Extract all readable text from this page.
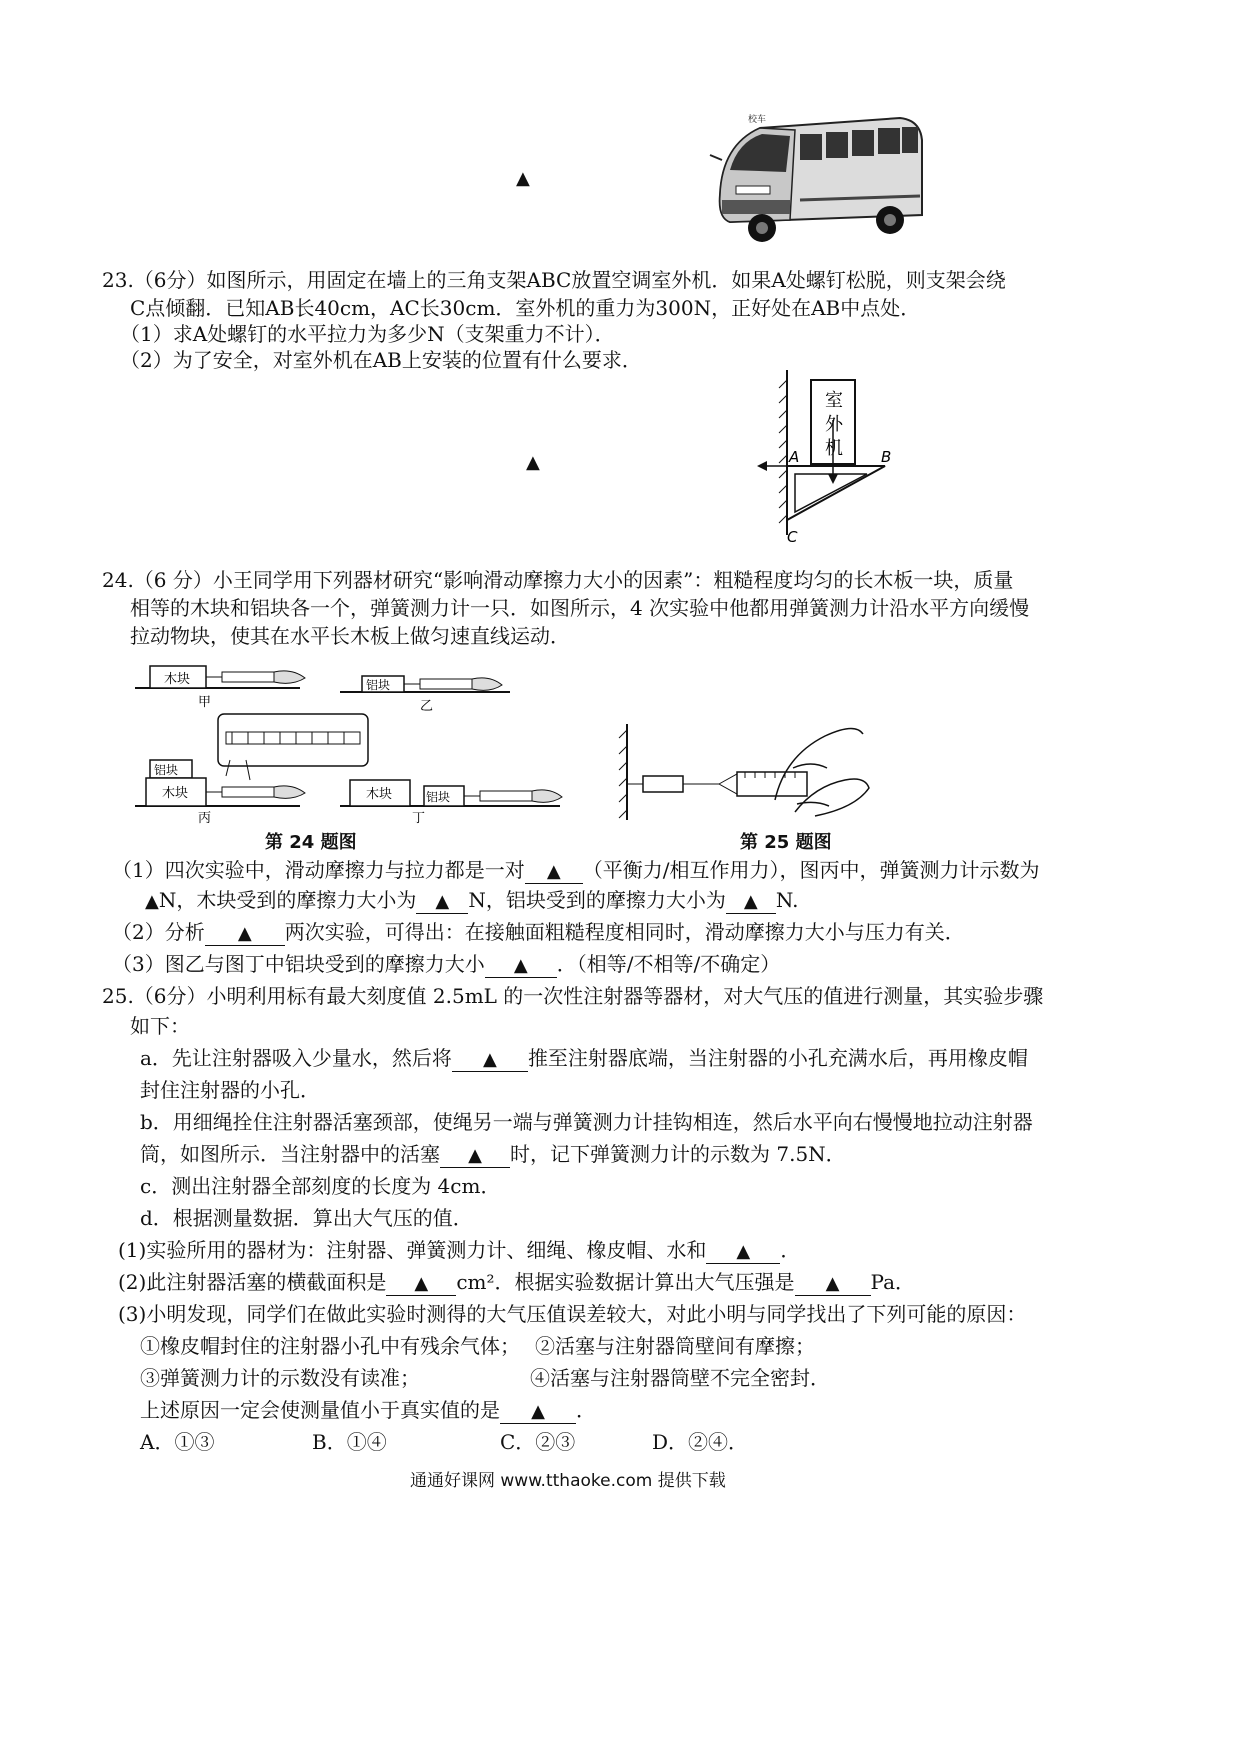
▲
校车
23.（6分）如图所示，用固定在墙上的三角支架ABC放置空调室外机．如果A处螺钉松脱，则支架会绕
C点倾翻．已知AB长40cm，AC长30cm．室外机的重力为300N，正好处在AB中点处．
（1）求A处螺钉的水平拉力为多少N（支架重力不计）．
（2）为了安全，对室外机在AB上安装的位置有什么要求．
▲
室
外
机
A	B
C
24.（6 分）小王同学用下列器材研究“影响滑动摩擦力大小的因素”：粗糙程度均匀的长木板一块，质量
相等的木块和铝块各一个，弹簧测力计一只．如图所示，4 次实验中他都用弹簧测力计沿水平方向缓慢
拉动物块，使其在水平长木板上做匀速直线运动．
木块
甲
铝块
乙
铝块
木块
丙
木块	铝块
丁
第 24 题图	第 25 题图
（1）四次实验中，滑动摩擦力与拉力都是一对 ▲ （平衡力/相互作用力），图丙中，弹簧测力计示数为
▲N，木块受到的摩擦力大小为 ▲ N，铝块受到的摩擦力大小为 ▲ N.
（2）分析 ▲ 两次实验，可得出：在接触面粗糙程度相同时，滑动摩擦力大小与压力有关．
（3）图乙与图丁中铝块受到的摩擦力大小 ▲ ．（相等/不相等/不确定）
25.（6分）小明利用标有最大刻度值 2.5mL 的一次性注射器等器材，对大气压的值进行测量，其实验步骤
如下：
a．先让注射器吸入少量水，然后将 ▲ 推至注射器底端，当注射器的小孔充满水后，再用橡皮帽
封住注射器的小孔．
b．用细绳拴住注射器活塞颈部，使绳另一端与弹簧测力计挂钩相连，然后水平向右慢慢地拉动注射器
筒，如图所示．当注射器中的活塞 ▲ 时，记下弹簧测力计的示数为 7.5N．
c．测出注射器全部刻度的长度为 4cm．
d．根据测量数据．算出大气压的值．
(1)实验所用的器材为：注射器、弹簧测力计、细绳、橡皮帽、水和 ▲ ．
(2)此注射器活塞的横截面积是 ▲ cm²．根据实验数据计算出大气压强是 ▲ Pa．
(3)小明发现，同学们在做此实验时测得的大气压值误差较大，对此小明与同学找出了下列可能的原因：
①橡皮帽封住的注射器小孔中有残余气体； ②活塞与注射器筒壁间有摩擦；
③弹簧测力计的示数没有读准；	④活塞与注射器筒壁不完全密封．
上述原因一定会使测量值小于真实值的是 ▲ ．
A．①③	B．①④	C．②③	D．②④．
通通好课网 www.tthaoke.com 提供下载
